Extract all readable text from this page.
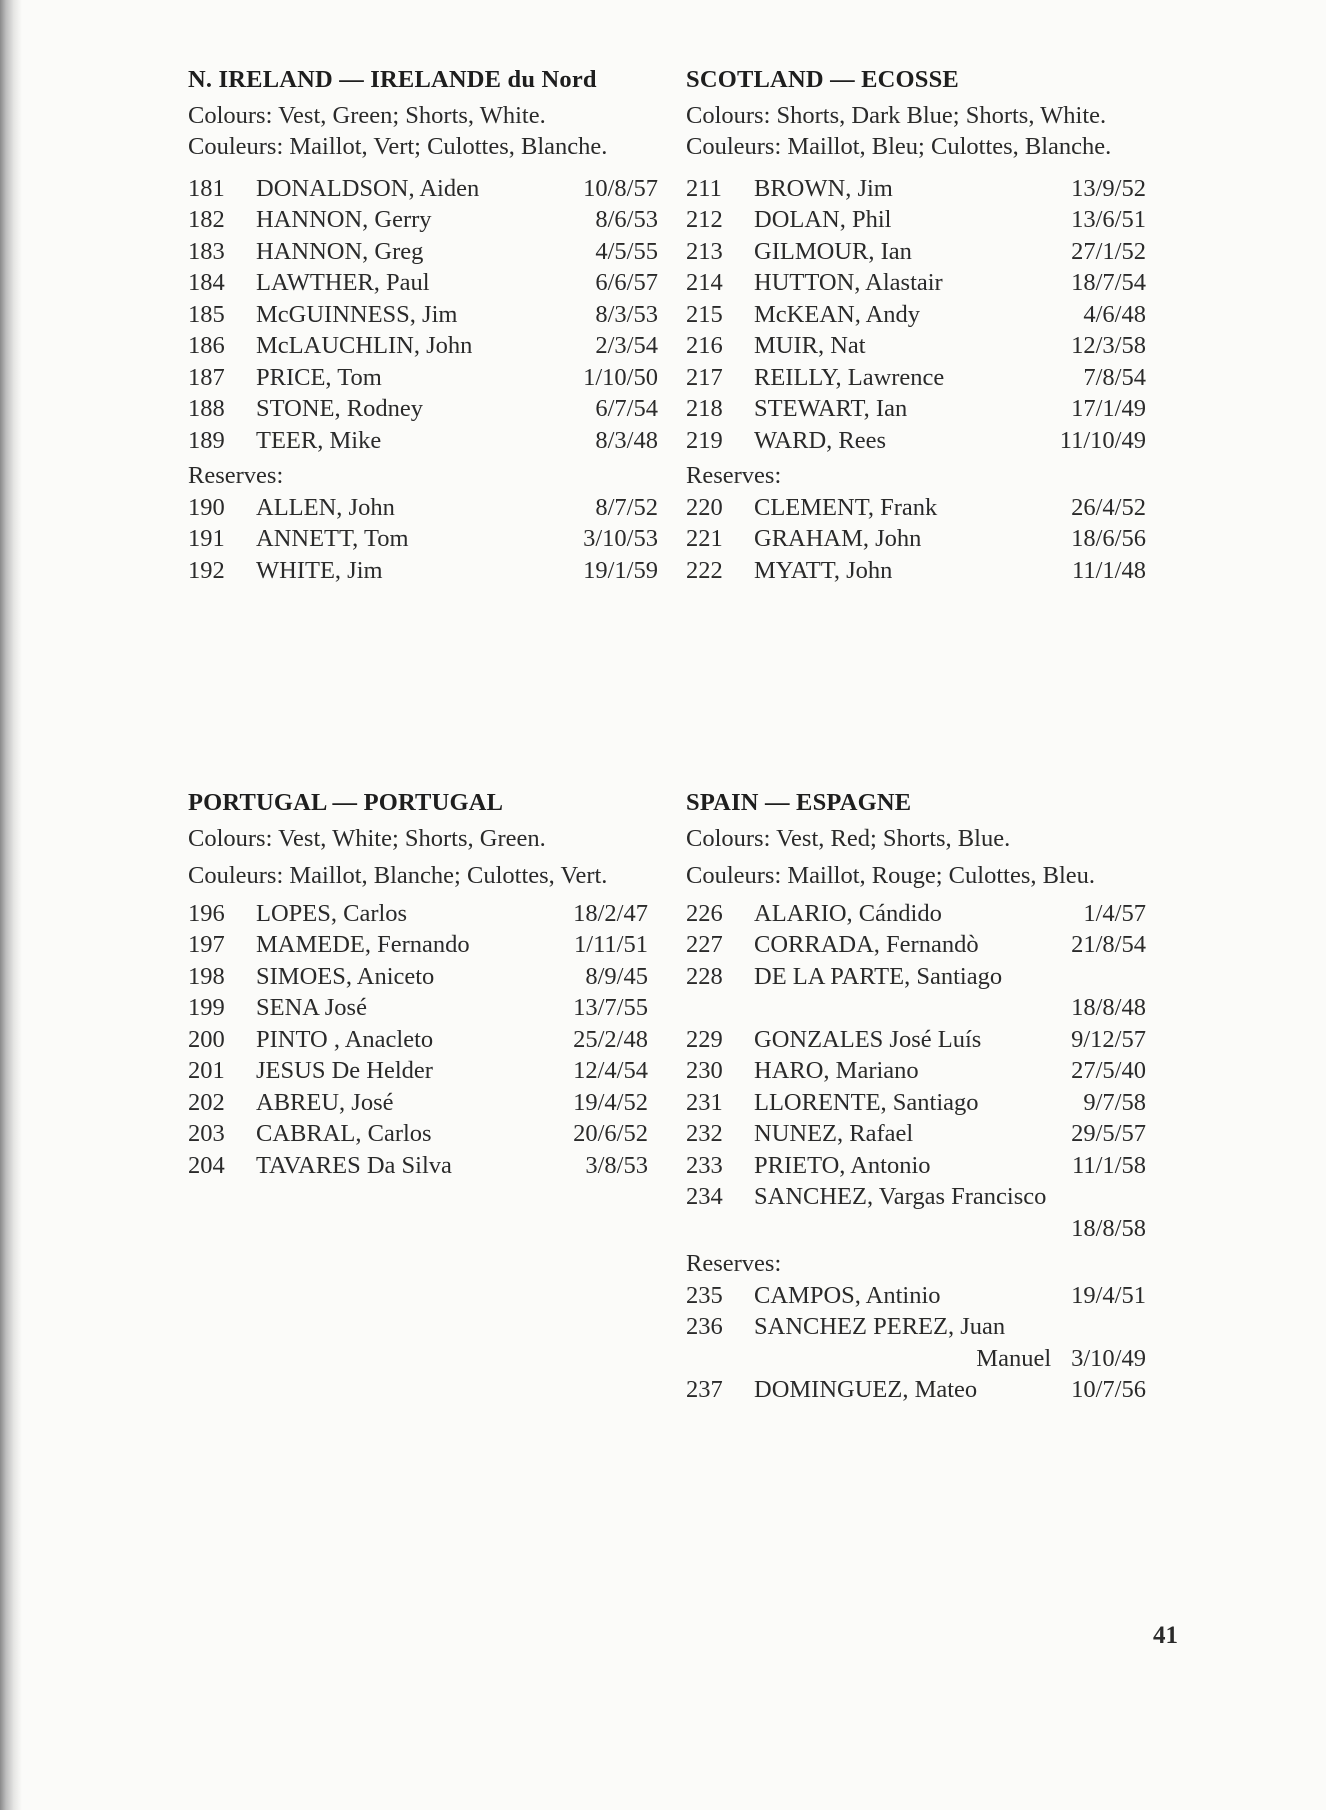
N. IRELAND — IRELANDE du Nord
Colours: Vest, Green; Shorts, White.
Couleurs: Maillot, Vert; Culottes, Blanche.
181	DONALDSON, Aiden	10/8/57
182	HANNON, Gerry	8/6/53
183	HANNON, Greg	4/5/55
184	LAWTHER, Paul	6/6/57
185	McGUINNESS, Jim	8/3/53
186	McLAUCHLIN, John	2/3/54
187	PRICE, Tom	1/10/50
188	STONE, Rodney	6/7/54
189	TEER, Mike	8/3/48
Reserves:
190	ALLEN, John	8/7/52
191	ANNETT, Tom	3/10/53
192	WHITE, Jim	19/1/59
SCOTLAND — ECOSSE
Colours: Shorts, Dark Blue; Shorts, White.
Couleurs: Maillot, Bleu; Culottes, Blanche.
211	BROWN, Jim	13/9/52
212	DOLAN, Phil	13/6/51
213	GILMOUR, Ian	27/1/52
214	HUTTON, Alastair	18/7/54
215	McKEAN, Andy	4/6/48
216	MUIR, Nat	12/3/58
217	REILLY, Lawrence	7/8/54
218	STEWART, Ian	17/1/49
219	WARD, Rees	11/10/49
Reserves:
220	CLEMENT, Frank	26/4/52
221	GRAHAM, John	18/6/56
222	MYATT, John	11/1/48
PORTUGAL — PORTUGAL
Colours: Vest, White; Shorts, Green.
Couleurs: Maillot, Blanche; Culottes, Vert.
196	LOPES, Carlos	18/2/47
197	MAMEDE, Fernando	1/11/51
198	SIMOES, Aniceto	8/9/45
199	SENA José	13/7/55
200	PINTO , Anacleto	25/2/48
201	JESUS De Helder	12/4/54
202	ABREU, José	19/4/52
203	CABRAL, Carlos	20/6/52
204	TAVARES Da Silva	3/8/53
SPAIN — ESPAGNE
Colours: Vest, Red; Shorts, Blue.
Couleurs: Maillot, Rouge; Culottes, Bleu.
226	ALARIO, Cándido	1/4/57
227	CORRADA, Fernandò	21/8/54
228	DE LA PARTE, Santiago
18/8/48
229	GONZALES José Luís	9/12/57
230	HARO, Mariano	27/5/40
231	LLORENTE, Santiago	9/7/58
232	NUNEZ, Rafael	29/5/57
233	PRIETO, Antonio	11/1/58
234	SANCHEZ, Vargas Francisco
18/8/58
Reserves:
235	CAMPOS, Antinio	19/4/51
236	SANCHEZ PEREZ, Juan
Manuel 3/10/49
237	DOMINGUEZ, Mateo	10/7/56
41
